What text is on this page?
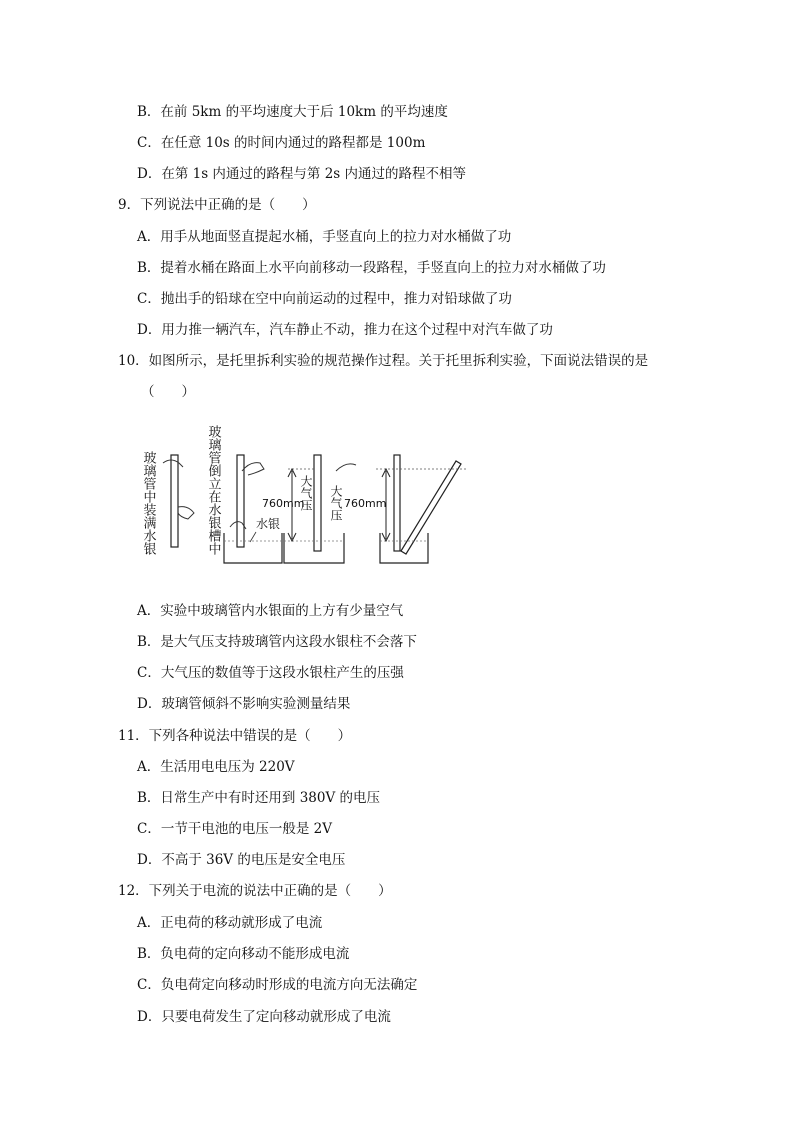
B．在前 5km 的平均速度大于后 10km 的平均速度
C．在任意 10s 的时间内通过的路程都是 100m
D．在第 1s 内通过的路程与第 2s 内通过的路程不相等
9．下列说法中正确的是（　　）
A．用手从地面竖直提起水桶，手竖直向上的拉力对水桶做了功
B．提着水桶在路面上水平向前移动一段路程，手竖直向上的拉力对水桶做了功
C．抛出手的铅球在空中向前运动的过程中，推力对铅球做了功
D．用力推一辆汽车，汽车静止不动，推力在这个过程中对汽车做了功
10．如图所示，是托里拆利实验的规范操作过程。关于托里拆利实验，下面说法错误的是
（　　）
玻璃管中装满水银	玻璃管倒立在水银槽中	水银
760mm
大气压 大气压 760mm
A．实验中玻璃管内水银面的上方有少量空气
B．是大气压支持玻璃管内这段水银柱不会落下
C．大气压的数值等于这段水银柱产生的压强
D．玻璃管倾斜不影响实验测量结果
11．下列各种说法中错误的是（　　）
A．生活用电电压为 220V
B．日常生产中有时还用到 380V 的电压
C．一节干电池的电压一般是 2V
D．不高于 36V 的电压是安全电压
12．下列关于电流的说法中正确的是（　　）
A．正电荷的移动就形成了电流
B．负电荷的定向移动不能形成电流
C．负电荷定向移动时形成的电流方向无法确定
D．只要电荷发生了定向移动就形成了电流
